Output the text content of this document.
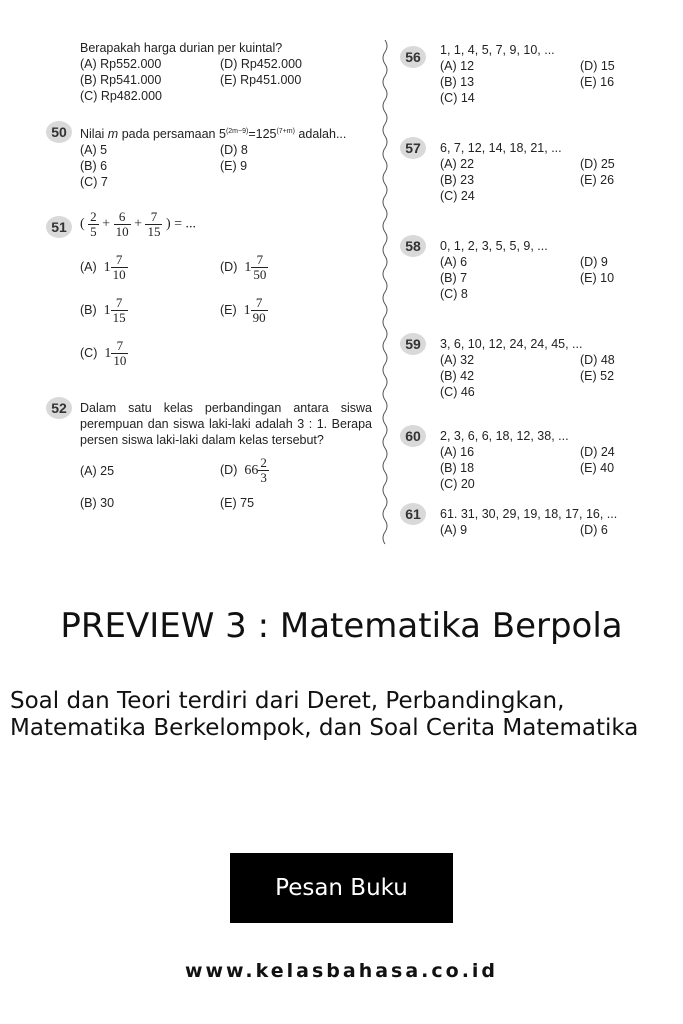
Berapakah harga durian per kuintal?
(A) Rp552.000	(D) Rp452.000
(B) Rp541.000	(E) Rp451.000
(C) Rp482.000
50	Nilai m pada persamaan $5^{(2m-9)}=125^{(7+m)}$ adalah...
(A) 5	(D) 8
(B) 6	(E) 9
(C) 7
51 ( $\frac{2}{5} + \frac{6}{10} + \frac{7}{15}$ ) = ...
(A) $1 \frac{7}{10}$	(D) $1 \frac{7}{50}$
(B) $1 \frac{7}{15}$	(E) $1 \frac{7}{90}$
(C) $1 \frac{7}{10}$
52	Dalam satu kelas perbandingan antara siswa perempuan dan siswa laki-laki adalah 3 : 1. Berapa persen siswa laki-laki dalam kelas tersebut?
(A) 25	(D) $66 \frac{2}{3}$
(B) 30	(E) 75
56	1, 1, 4, 5, 7, 9, 10, ...
(A) 12	(D) 15
(B) 13	(E) 16
(C) 14
57	6, 7, 12, 14, 18, 21, ...
(A) 22	(D) 25
(B) 23	(E) 26
(C) 24
58	0, 1, 2, 3, 5, 5, 9, ...
(A) 6	(D) 9
(B) 7	(E) 10
(C) 8
59	3, 6, 10, 12, 24, 24, 45, ...
(A) 32	(D) 48
(B) 42	(E) 52
(C) 46
60	2, 3, 6, 6, 18, 12, 38, ...
(A) 16	(D) 24
(B) 18	(E) 40
(C) 20
61	61. 31, 30, 29, 19, 18, 17, 16, ...
(A) 9	(D) 6
PREVIEW 3 : Matematika Berpola
Soal dan Teori terdiri dari Deret, Perbandingkan, Matematika Berkelompok, dan Soal Cerita Matematika
Pesan Buku
www.kelasbahasa.co.id
